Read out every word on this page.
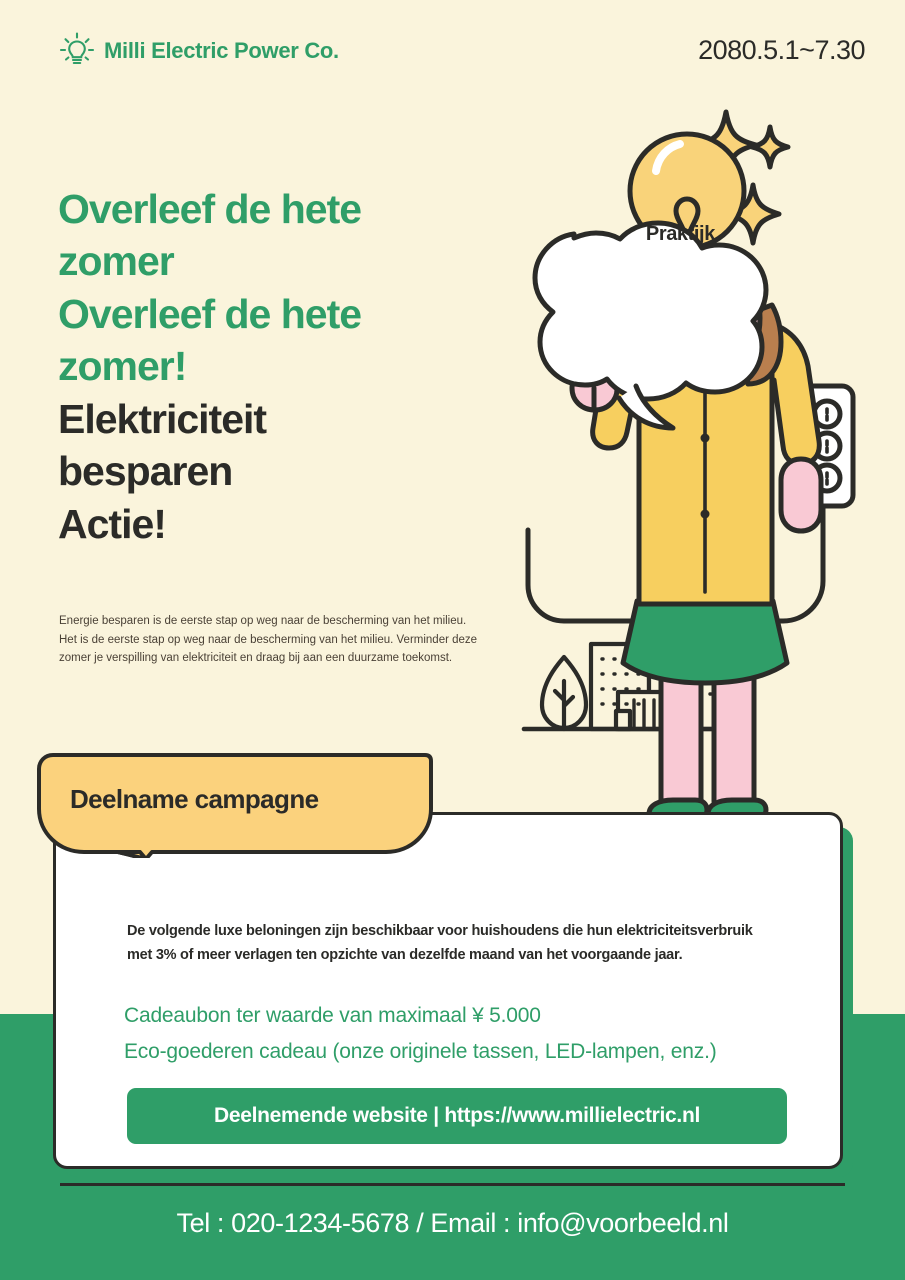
Milli Electric Power Co.	2080.5.1~7.30
Overleef de hete
zomer
Overleef de hete
zomer!
Elektriciteit
besparen
Actie!
Energie besparen is de eerste stap op weg naar de bescherming van het milieu.
Het is de eerste stap op weg naar de bescherming van het milieu. Verminder deze
zomer je verspilling van elektriciteit en draag bij aan een duurzame toekomst.
Praktijk.
De volgende luxe beloningen zijn beschikbaar voor huishoudens die hun elektriciteitsverbruik
met 3% of meer verlagen ten opzichte van dezelfde maand van het voorgaande jaar.
Cadeaubon ter waarde van maximaal ¥ 5.000
Eco-goederen cadeau (onze originele tassen, LED-lampen, enz.)
Deelnemende website | https://www.millielectric.nl
Deelname campagne
Tel : 020-1234-5678 / Email : info@voorbeeld.nl
